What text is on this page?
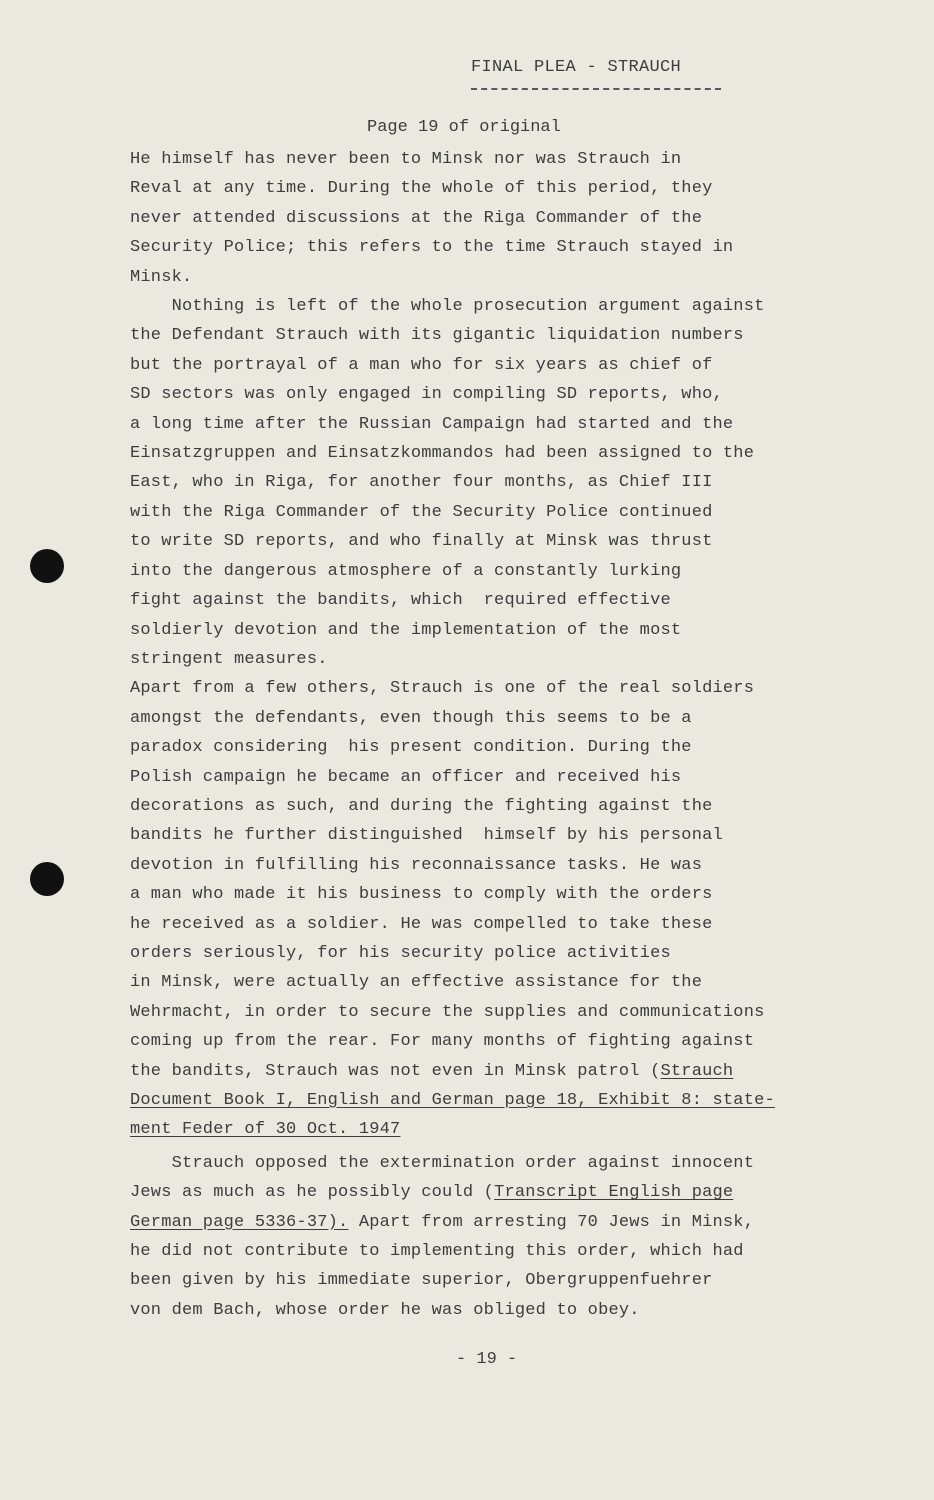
FINAL PLEA - STRAUCH
Page 19 of original
He himself has never been to Minsk nor was Strauch in
Reval at any time. During the whole of this period, they
never attended discussions at the Riga Commander of the
Security Police; this refers to the time Strauch stayed in
Minsk.
Nothing is left of the whole prosecution argument against
the Defendant Strauch with its gigantic liquidation numbers
but the portrayal of a man who for six years as chief of
SD sectors was only engaged in compiling SD reports, who,
a long time after the Russian Campaign had started and the
Einsatzgruppen and Einsatzkommandos had been assigned to the
East, who in Riga, for another four months, as Chief III
with the Riga Commander of the Security Police continued
to write SD reports, and who finally at Minsk was thrust
into the dangerous atmosphere of a constantly lurking
fight against the bandits, which  required effective
soldierly devotion and the implementation of the most
stringent measures.
Apart from a few others, Strauch is one of the real soldiers
amongst the defendants, even though this seems to be a
paradox considering  his present condition. During the
Polish campaign he became an officer and received his
decorations as such, and during the fighting against the
bandits he further distinguished  himself by his personal
devotion in fulfilling his reconnaissance tasks. He was
a man who made it his business to comply with the orders
he received as a soldier. He was compelled to take these
orders seriously, for his security police activities
in Minsk, were actually an effective assistance for the
Wehrmacht, in order to secure the supplies and communications
coming up from the rear. For many months of fighting against
the bandits, Strauch was not even in Minsk patrol (Strauch
Document Book I, English and German page 18, Exhibit 8: state-
ment Feder of 30 Oct. 1947
Strauch opposed the extermination order against innocent
Jews as much as he possibly could (Transcript English page
German page 5336-37). Apart from arresting 70 Jews in Minsk,
he did not contribute to implementing this order, which had
been given by his immediate superior, Obergruppenfuehrer
von dem Bach, whose order he was obliged to obey.
- 19 -
